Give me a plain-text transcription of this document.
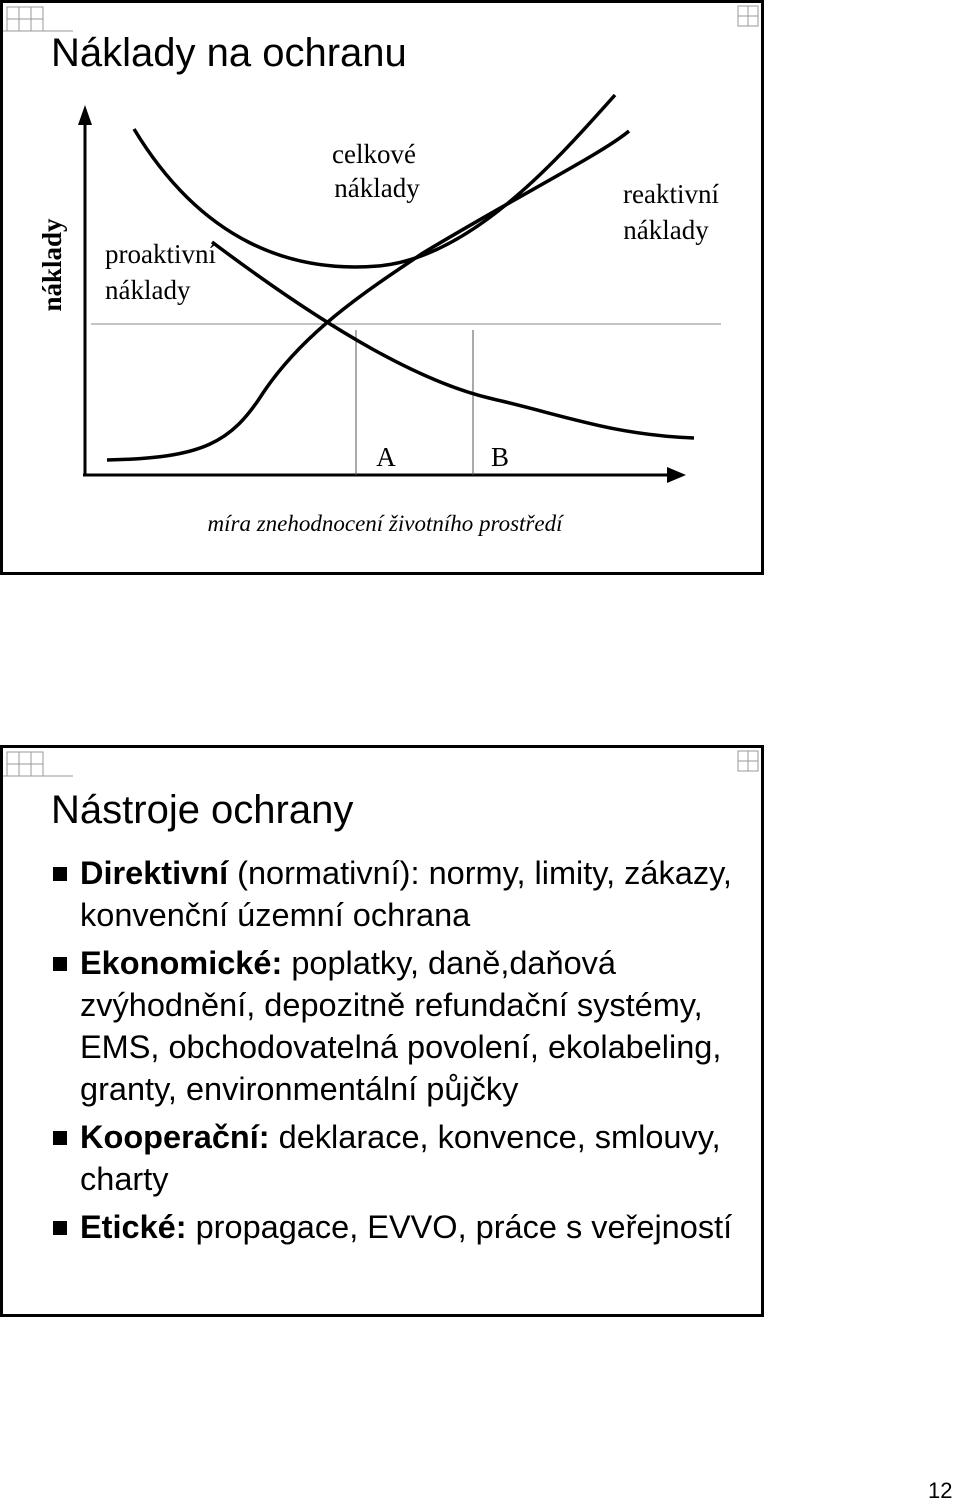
Náklady na ochranu
náklady
celkové
náklady
proaktivní
náklady
reaktivní
náklady
A	B
míra znehodnocení životního prostředí
Nástroje ochrany
Direktivní (normativní): normy, limity, zákazy, konvenční územní ochrana
Ekonomické: poplatky, daně,daňová zvýhodnění, depozitně refundační systémy, EMS, obchodovatelná povolení, ekolabeling, granty, environmentální půjčky
Kooperační: deklarace, konvence, smlouvy, charty
Etické: propagace, EVVO, práce s veřejností
12
